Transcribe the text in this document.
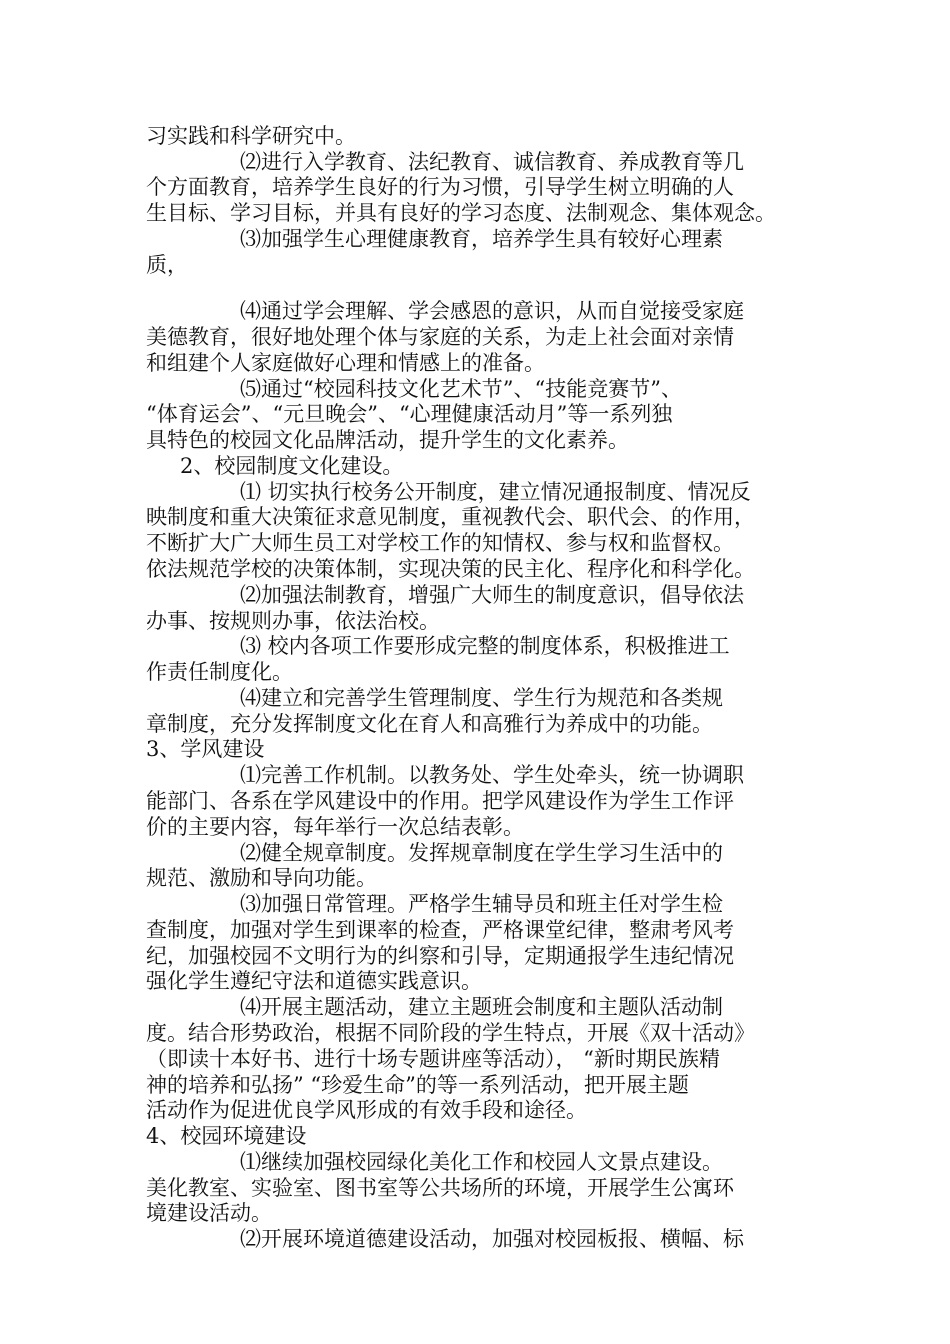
习实践和科学研究中。

⑵进行入学教育、法纪教育、诚信教育、养成教育等几

个方面教育，培养学生良好的行为习惯，引导学生树立明确的人

生目标、学习目标，并具有良好的学习态度、法制观念、集体观念。

⑶加强学生心理健康教育，培养学生具有较好心理素

质，

⑷通过学会理解、学会感恩的意识，从而自觉接受家庭

美德教育，很好地处理个体与家庭的关系，为走上社会面对亲情

和组建个人家庭做好心理和情感上的准备。

⑸通过“校园科技文化艺术节”、“技能竞赛节”、

“体育运会”、“元旦晚会”、“心理健康活动月”等一系列独

具特色的校园文化品牌活动，提升学生的文化素养。

2、校园制度文化建设。

⑴ 切实执行校务公开制度，建立情况通报制度、情况反

映制度和重大决策征求意见制度，重视教代会、职代会、的作用，

不断扩大广大师生员工对学校工作的知情权、参与权和监督权。

依法规范学校的决策体制，实现决策的民主化、程序化和科学化。

⑵加强法制教育，增强广大师生的制度意识，倡导依法

办事、按规则办事，依法治校。

⑶ 校内各项工作要形成完整的制度体系，积极推进工

作责任制度化。

⑷建立和完善学生管理制度、学生行为规范和各类规

章制度，充分发挥制度文化在育人和高雅行为养成中的功能。

3、学风建设

⑴完善工作机制。以教务处、学生处牵头，统一协调职

能部门、各系在学风建设中的作用。把学风建设作为学生工作评

价的主要内容，每年举行一次总结表彰。

⑵健全规章制度。发挥规章制度在学生学习生活中的

规范、激励和导向功能。

⑶加强日常管理。严格学生辅导员和班主任对学生检

查制度，加强对学生到课率的检查，严格课堂纪律，整肃考风考

纪，加强校园不文明行为的纠察和引导，定期通报学生违纪情况

强化学生遵纪守法和道德实践意识。

⑷开展主题活动，建立主题班会制度和主题队活动制

度。结合形势政治，根据不同阶段的学生特点，开展《双十活动》

（即读十本好书、进行十场专题讲座等活动）， “新时期民族精

神的培养和弘扬” “珍爱生命”的等一系列活动，把开展主题

活动作为促进优良学风形成的有效手段和途径。

4、校园环境建设

⑴继续加强校园绿化美化工作和校园人文景点建设。

美化教室、实验室、图书室等公共场所的环境，开展学生公寓环

境建设活动。

⑵开展环境道德建设活动，加强对校园板报、横幅、标
